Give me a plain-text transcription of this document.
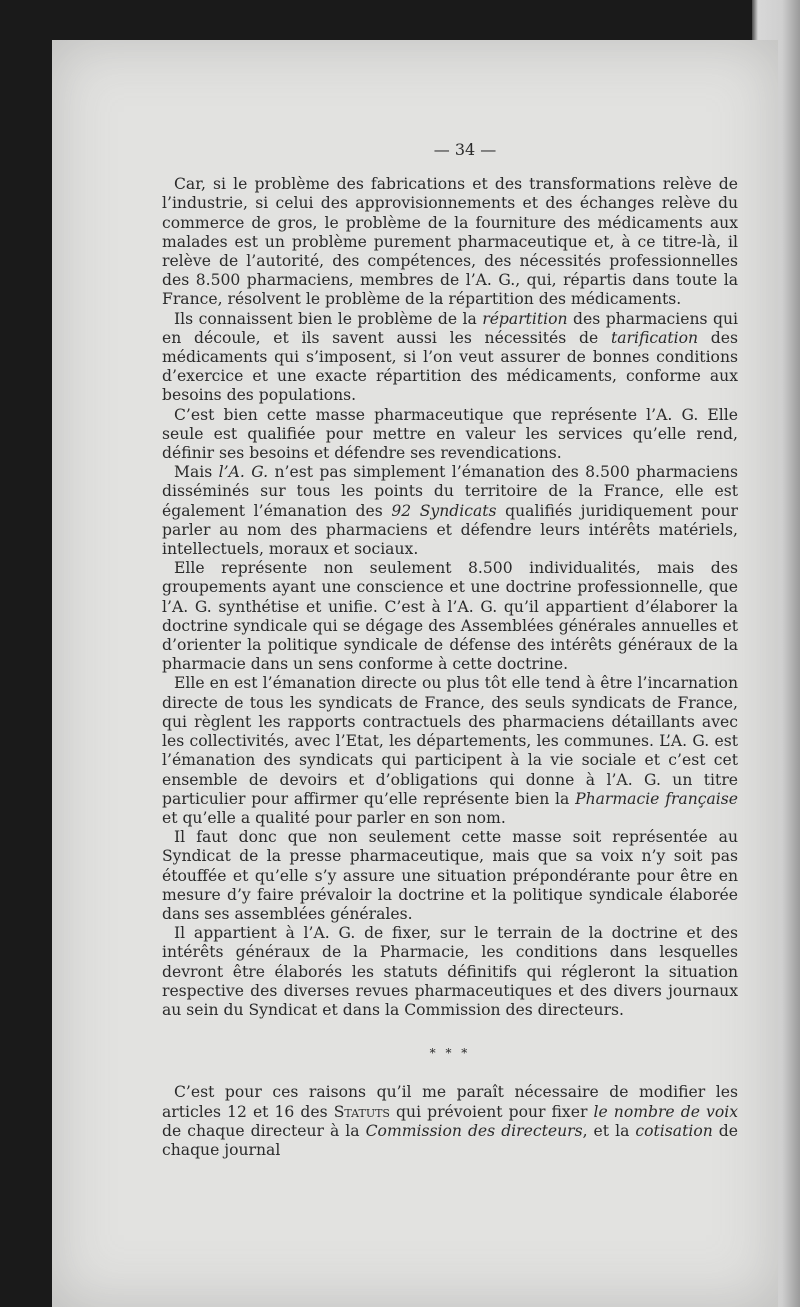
— 34 —

Car, si le problème des fabrications et des transformations relève de l’industrie, si celui des approvisionnements et des échanges relève du commerce de gros, le problème de la fourniture des médicaments aux malades est un problème purement pharmaceutique et, à ce titre-là, il relève de l’autorité, des compétences, des nécessités professionnelles des 8.500 pharmaciens, membres de l’A. G., qui, répartis dans toute la France, résolvent le problème de la répartition des médicaments.

Ils connaissent bien le problème de la répartition des pharmaciens qui en découle, et ils savent aussi les nécessités de tarification des médicaments qui s’imposent, si l’on veut assurer de bonnes conditions d’exercice et une exacte répartition des médicaments, conforme aux besoins des populations.

C’est bien cette masse pharmaceutique que représente l’A. G. Elle seule est qualifiée pour mettre en valeur les services qu’elle rend, définir ses besoins et défendre ses revendications.

Mais l’A. G. n’est pas simplement l’émanation des 8.500 pharmaciens disséminés sur tous les points du territoire de la France, elle est également l’émanation des 92 Syndicats qualifiés juridiquement pour parler au nom des pharmaciens et défendre leurs intérêts matériels, intellectuels, moraux et sociaux.

Elle représente non seulement 8.500 individualités, mais des groupements ayant une conscience et une doctrine professionnelle, que l’A. G. synthétise et unifie. C’est à l’A. G. qu’il appartient d’élaborer la doctrine syndicale qui se dégage des Assemblées générales annuelles et d’orienter la politique syndicale de défense des intérêts généraux de la pharmacie dans un sens conforme à cette doctrine.

Elle en est l’émanation directe ou plus tôt elle tend à être l’incarnation directe de tous les syndicats de France, des seuls syndicats de France, qui règlent les rapports contractuels des pharmaciens détaillants avec les collectivités, avec l’Etat, les départements, les communes. L’A. G. est l’émanation des syndicats qui participent à la vie sociale et c’est cet ensemble de devoirs et d’obligations qui donne à l’A. G. un titre particulier pour affirmer qu’elle représente bien la Pharmacie française et qu’elle a qualité pour parler en son nom.

Il faut donc que non seulement cette masse soit représentée au Syndicat de la presse pharmaceutique, mais que sa voix n’y soit pas étouffée et qu’elle s’y assure une situation prépondérante pour être en mesure d’y faire prévaloir la doctrine et la politique syndicale élaborée dans ses assemblées générales.

Il appartient à l’A. G. de fixer, sur le terrain de la doctrine et des intérêts généraux de la Pharmacie, les conditions dans lesquelles devront être élaborés les statuts définitifs qui régleront la situation respective des diverses revues pharmaceutiques et des divers journaux au sein du Syndicat et dans la Commission des directeurs.

* * *

C’est pour ces raisons qu’il me paraît nécessaire de modifier les articles 12 et 16 des Statuts qui prévoient pour fixer le nombre de voix de chaque directeur à la Commission des directeurs, et la cotisation de chaque journal
